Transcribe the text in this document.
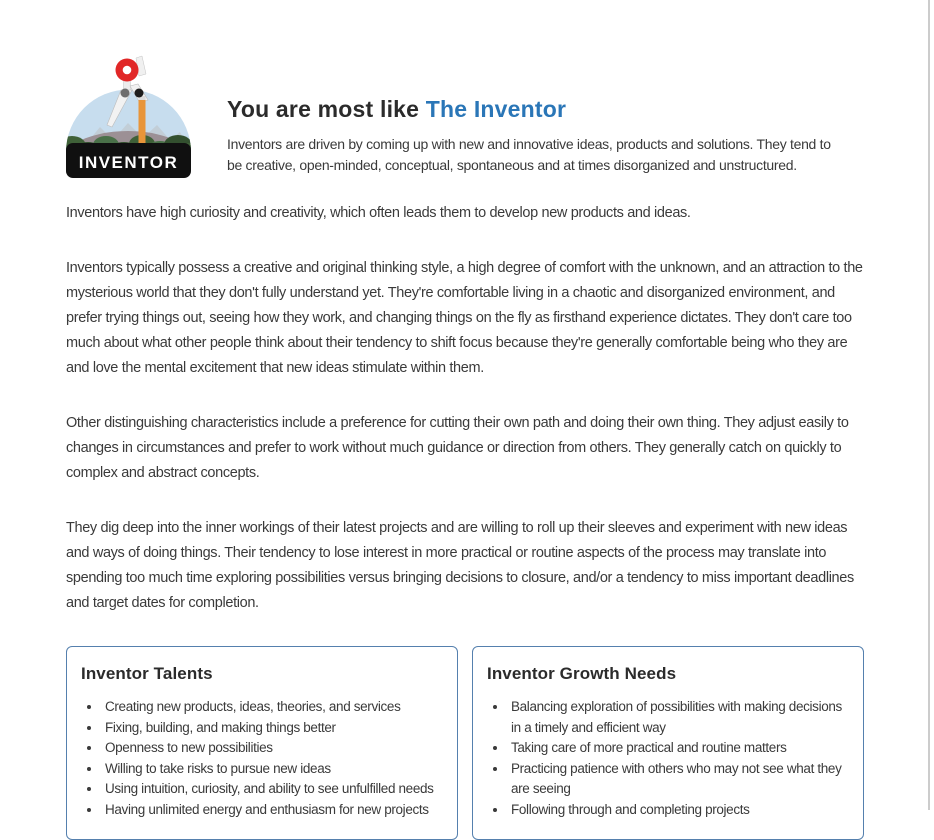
INVENTOR
You are most like The Inventor

Inventors are driven by coming up with new and innovative ideas, products and solutions. They tend to be creative, open-minded, conceptual, spontaneous and at times disorganized and unstructured.

Inventors have high curiosity and creativity, which often leads them to develop new products and ideas.

Inventors typically possess a creative and original thinking style, a high degree of comfort with the unknown, and an attraction to the mysterious world that they don't fully understand yet. They're comfortable living in a chaotic and disorganized environment, and prefer trying things out, seeing how they work, and changing things on the fly as firsthand experience dictates. They don't care too much about what other people think about their tendency to shift focus because they're generally comfortable being who they are and love the mental excitement that new ideas stimulate within them.

Other distinguishing characteristics include a preference for cutting their own path and doing their own thing. They adjust easily to changes in circumstances and prefer to work without much guidance or direction from others. They generally catch on quickly to complex and abstract concepts.

They dig deep into the inner workings of their latest projects and are willing to roll up their sleeves and experiment with new ideas and ways of doing things. Their tendency to lose interest in more practical or routine aspects of the process may translate into spending too much time exploring possibilities versus bringing decisions to closure, and/or a tendency to miss important deadlines and target dates for completion.

Inventor Talents
• Creating new products, ideas, theories, and services
• Fixing, building, and making things better
• Openness to new possibilities
• Willing to take risks to pursue new ideas
• Using intuition, curiosity, and ability to see unfulfilled needs
• Having unlimited energy and enthusiasm for new projects
Inventor Growth Needs
• Balancing exploration of possibilities with making decisions in a timely and efficient way
• Taking care of more practical and routine matters
• Practicing patience with others who may not see what they are seeing
• Following through and completing projects
